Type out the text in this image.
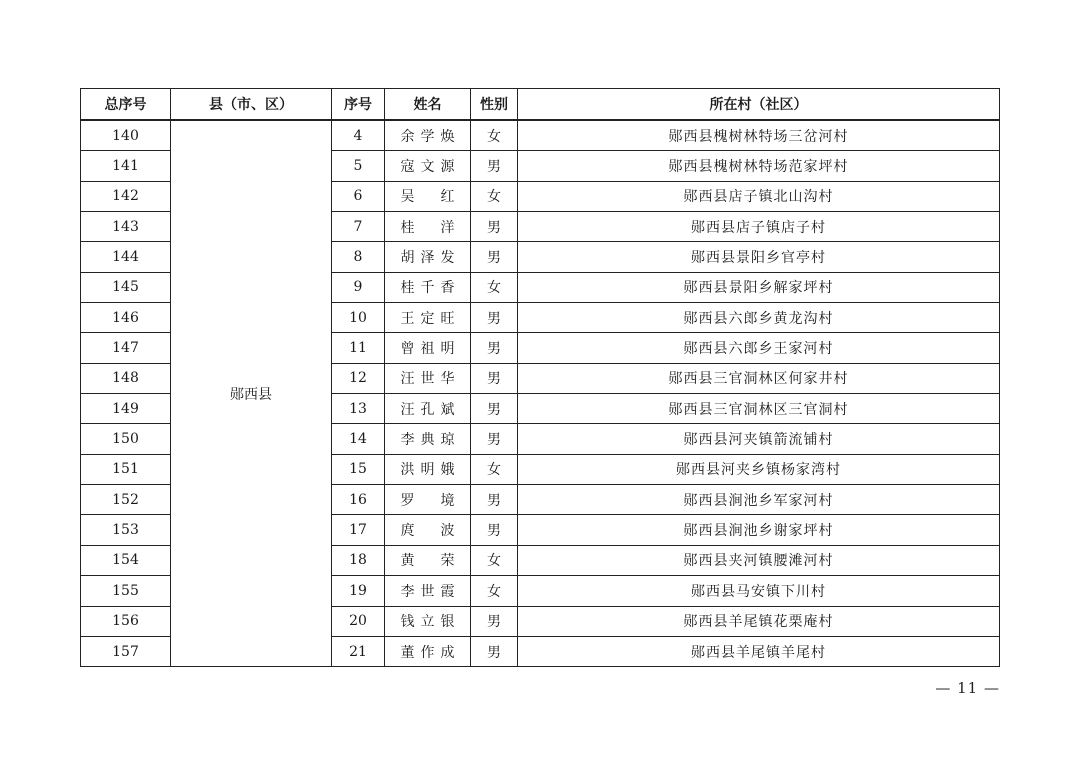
总序号	县（市、区）	序号	姓名	性别	所在村（社区）
140	郧西县	4	余学焕	女	郧西县槐树林特场三岔河村
141		5	寇文源	男	郧西县槐树林特场范家坪村
142		6	吴　红	女	郧西县店子镇北山沟村
143		7	桂　洋	男	郧西县店子镇店子村
144		8	胡泽发	男	郧西县景阳乡官亭村
145		9	桂千香	女	郧西县景阳乡解家坪村
146		10	王定旺	男	郧西县六郎乡黄龙沟村
147		11	曾祖明	男	郧西县六郎乡王家河村
148		12	汪世华	男	郧西县三官洞林区何家井村
149		13	汪孔斌	男	郧西县三官洞林区三官洞村
150		14	李典琼	男	郧西县河夹镇箭流铺村
151		15	洪明娥	女	郧西县河夹乡镇杨家湾村
152		16	罗　境	男	郧西县涧池乡军家河村
153		17	庹　波	男	郧西县涧池乡谢家坪村
154		18	黄　荣	女	郧西县夹河镇腰滩河村
155		19	李世霞	女	郧西县马安镇下川村
156		20	钱立银	男	郧西县羊尾镇花栗庵村
157		21	董作成	男	郧西县羊尾镇羊尾村
— 11 —
